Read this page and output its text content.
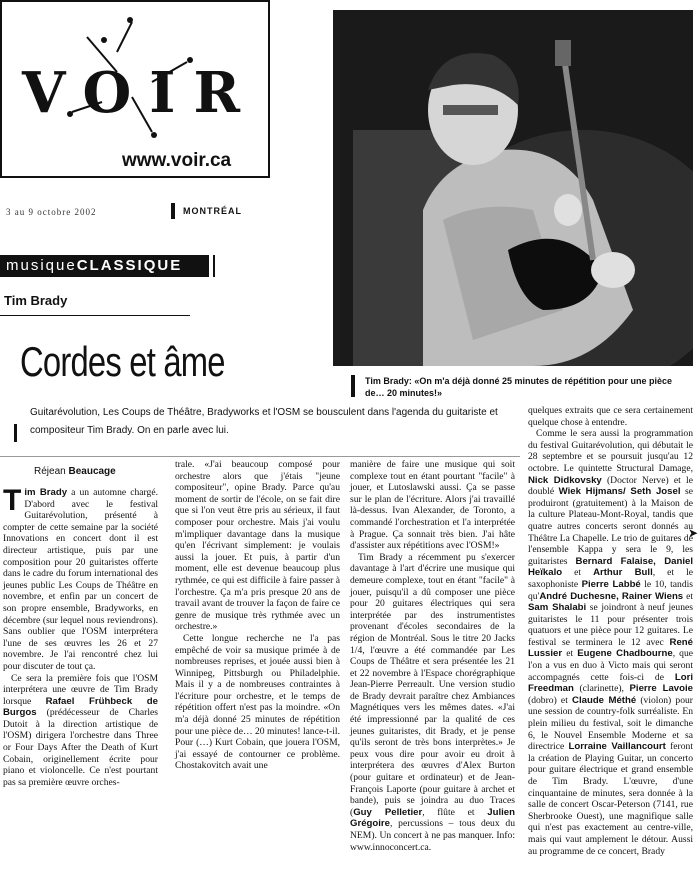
VOIR
www.voir.ca
3 au 9 octobre 2002	MONTRÉAL
musiqueCLASSIQUE
Tim Brady
Cordes et âme	Tim Brady: «On m'a déjà donné 25 minutes de répétition pour une pièce de… 20 minutes!»
Guitarévolution, Les Coups de Théâtre, Bradyworks et l'OSM se bousculent dans l'agenda du guitariste et compositeur Tim Brady. On en parle avec lui.
Réjean Beaucage

Tim Brady a un automne chargé. D'abord avec le festival Guitarévolution, présenté à compter de cette semaine par la société Innovations en concert dont il est directeur artistique, puis par une composition pour 20 guitaristes offerte dans le cadre du forum international des jeunes public Les Coups de Théâtre en novembre, et enfin par un concert de son propre ensemble, Bradyworks, en décembre (sur lequel nous reviendrons). Sans oublier que l'OSM interprétera l'une de ses œuvres les 26 et 27 novembre. Je l'ai rencontré chez lui pour discuter de tout ça.

Ce sera la première fois que l'OSM interprétera une œuvre de Tim Brady lorsque Rafael Frühbeck de Burgos (prédécesseur de Charles Dutoit à la direction artistique de l'OSM) dirigera l'orchestre dans Three or Four Days After the Death of Kurt Cobain, originellement écrite pour piano et violoncelle. Ce n'est pourtant pas sa première œuvre orches-

trale. «J'ai beaucoup composé pour orchestre alors que j'étais "jeune compositeur", opine Brady. Parce qu'au moment de sortir de l'école, on se fait dire que si l'on veut être pris au sérieux, il faut composer pour orchestre. Mais j'ai voulu m'impliquer davantage dans la musique qu'en l'écrivant simplement: je voulais aussi la jouer. Et puis, à partir d'un moment, elle est devenue beaucoup plus rythmée, ce qui est difficile à faire passer à l'orchestre. Ça m'a pris presque 20 ans de travail avant de trouver la façon de faire ce genre de musique très rythmée avec un orchestre.»

Cette longue recherche ne l'a pas empêché de voir sa musique primée à de nombreuses reprises, et jouée aussi bien à Winnipeg, Pittsburgh ou Philadelphie. Mais il y a de nombreuses contraintes à l'écriture pour orchestre, et le temps de répétition offert n'est pas la moindre. «On m'a déjà donné 25 minutes de répétition pour une pièce de… 20 minutes! lance-t-il. Pour (…) Kurt Cobain, que jouera l'OSM, j'ai essayé de contourner ce problème. Chostakovitch avait une

manière de faire une musique qui soit complexe tout en étant pourtant "facile" à jouer, et Lutoslawski aussi. Ça se passe sur le plan de l'écriture. Alors j'ai travaillé là-dessus. Ivan Alexander, de Toronto, a commandé l'orchestration et l'a interprétée à Prague. Ça sonnait très bien. J'ai hâte d'assister aux répétitions avec l'OSM!»

Tim Brady a récemment pu s'exercer davantage à l'art d'écrire une musique qui demeure complexe, tout en étant "facile" à jouer, puisqu'il a dû composer une pièce pour 20 guitares électriques qui sera interprétée par des instrumentistes provenant d'écoles secondaires de la région de Montréal. Sous le titre 20 Jacks 1/4, l'œuvre a été commandée par Les Coups de Théâtre et sera présentée les 21 et 22 novembre à l'Espace chorégraphique Jean-Pierre Perreault. Une version studio de Brady devrait paraître chez Ambiances Magnétiques vers les mêmes dates. «J'ai été impressionné par la qualité de ces jeunes guitaristes, dit Brady, et je pense qu'ils seront de très bons interprètes.» Je peux vous dire pour avoir eu droit à interprétera des œuvres d'Alex Burton (pour guitare et ordinateur) et de Jean-François Laporte (pour guitare à archet et bande), puis se joindra au duo Traces (Guy Pelletier, flûte et Julien Grégoire, percussions – tous deux du NEM). Un concert à ne pas manquer. Info: www.innoconcert.ca.

quelques extraits que ce sera certainement quelque chose à entendre.

Comme le sera aussi la programmation du festival Guitarévolution, qui débutait le 28 septembre et se poursuit jusqu'au 12 octobre. Le quintette Structural Damage, Nick Didkovsky (Doctor Nerve) et le doublé Wiek Hijmans/ Seth Josel se produiront (gratuitement) à la Maison de la culture Plateau-Mont-Royal, tandis que quatre autres concerts seront donnés au Théâtre La Chapelle. Le trio de guitares de l'ensemble Kappa y sera le 9, les guitaristes Bernard Falaise, Daniel Heïkalo et Arthur Bull, et le saxophoniste Pierre Labbé le 10, tandis qu'André Duchesne, Rainer Wiens et Sam Shalabi se joindront à neuf jeunes guitaristes le 11 pour présenter trois quatuors et une pièce pour 12 guitares. Le festival se terminera le 12 avec René Lussier et Eugene Chadbourne, que l'on a vus en duo à Victo mais qui seront accompagnés cette fois-ci de Lori Freedman (clarinette), Pierre Lavoie (dobro) et Claude Méthé (violon) pour une session de country-folk surréaliste. En plein milieu du festival, soit le dimanche 6, le Nouvel Ensemble Moderne et sa directrice Lorraine Vaillancourt feront la création de Playing Guitar, un concerto pour guitare électrique et grand ensemble de Tim Brady. L'œuvre, d'une cinquantaine de minutes, sera donnée à la salle de concert Oscar-Peterson (7141, rue Sherbrooke Ouest), une magnifique salle qui n'est pas exactement au centre-ville, mais qui vaut amplement le détour. Aussi au programme de ce concert, Brady

➤
